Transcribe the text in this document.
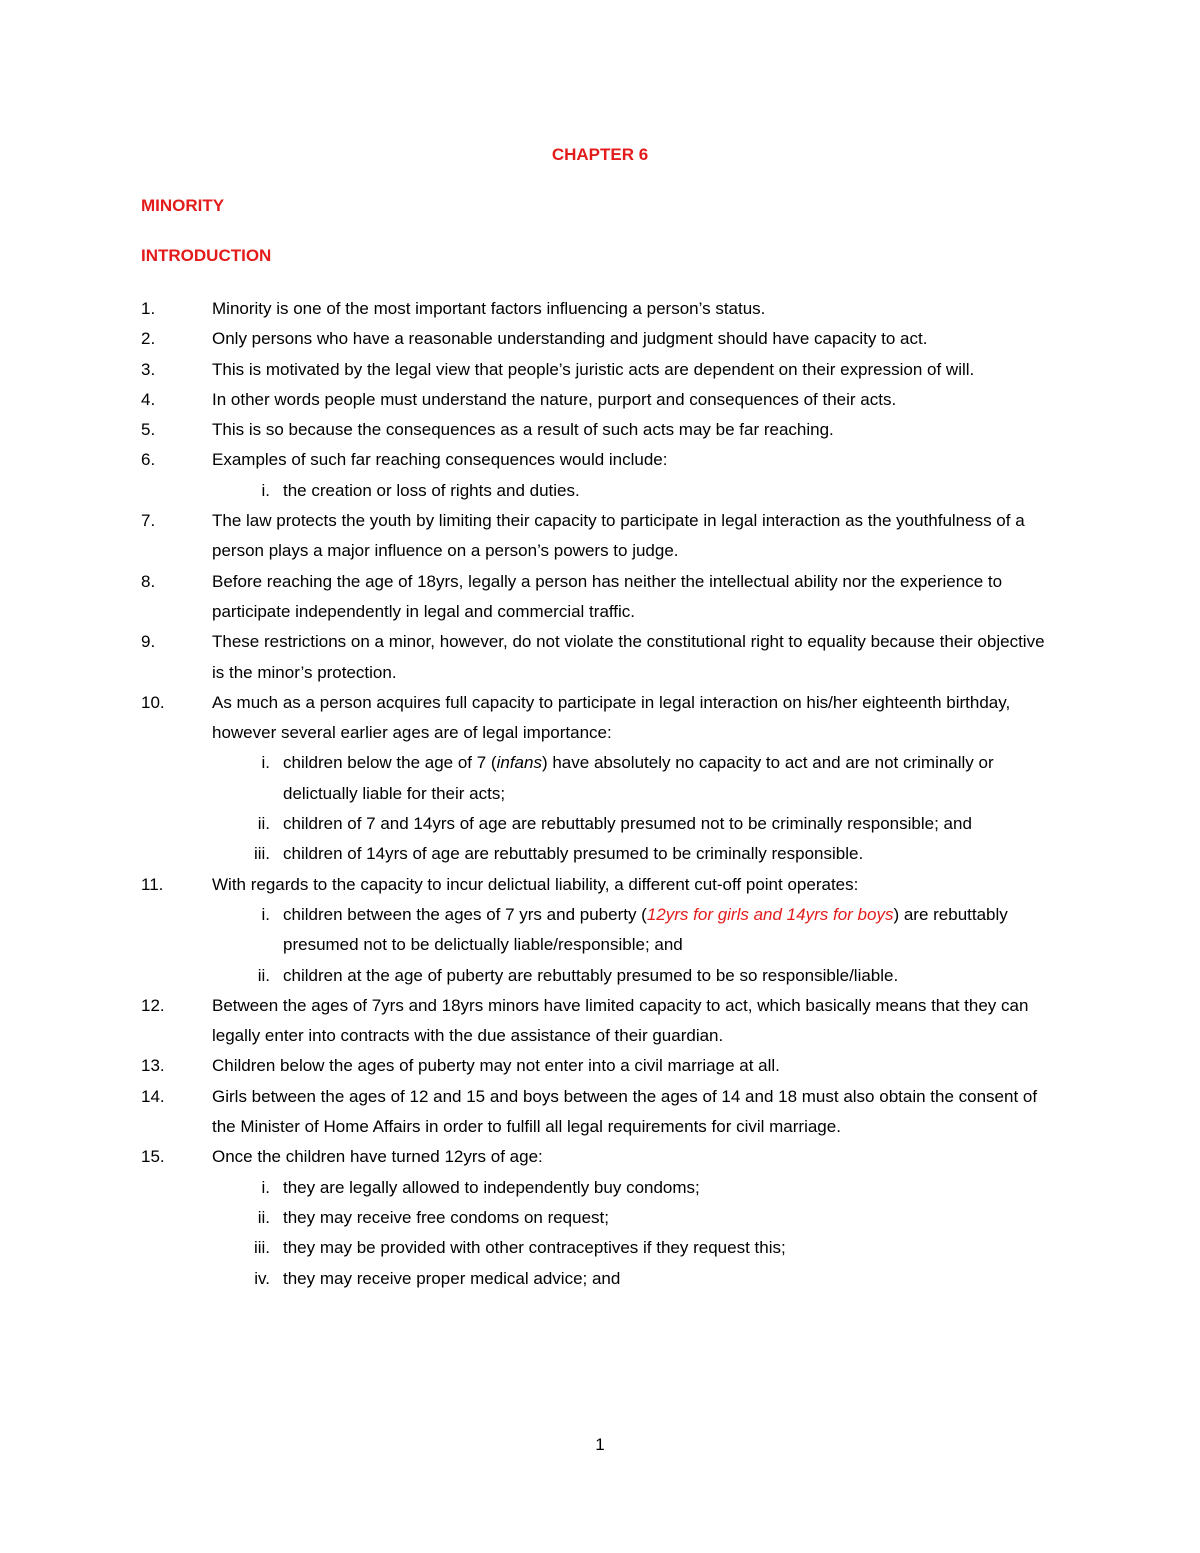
CHAPTER 6
MINORITY
INTRODUCTION
1.	Minority is one of the most important factors influencing a person’s status.
2.	Only persons who have a reasonable understanding and judgment should have capacity to act.
3.	This is motivated by the legal view that people’s juristic acts are dependent on their expression of will.
4.	In other words people must understand the nature, purport and consequences of their acts.
5.	This is so because the consequences as a result of such acts may be far reaching.
6.	Examples of such far reaching consequences would include:
i. the creation or loss of rights and duties.
7.	The law protects the youth by limiting their capacity to participate in legal interaction as the youthfulness of a person plays a major influence on a person’s powers to judge.
8.	Before reaching the age of 18yrs, legally a person has neither the intellectual ability nor the experience to participate independently in legal and commercial traffic.
9.	These restrictions on a minor, however, do not violate the constitutional right to equality because their objective is the minor’s protection.
10.	As much as a person acquires full capacity to participate in legal interaction on his/her eighteenth birthday, however several earlier ages are of legal importance:
i. children below the age of 7 (infans) have absolutely no capacity to act and are not criminally or delictually liable for their acts;
ii. children of 7 and 14yrs of age are rebuttably presumed not to be criminally responsible; and
iii. children of 14yrs of age are rebuttably presumed to be criminally responsible.
11.	With regards to the capacity to incur delictual liability, a different cut-off point operates:
i. children between the ages of 7 yrs and puberty (12yrs for girls and 14yrs for boys) are rebuttably presumed not to be delictually liable/responsible; and
ii. children at the age of puberty are rebuttably presumed to be so responsible/liable.
12.	Between the ages of 7yrs and 18yrs minors have limited capacity to act, which basically means that they can legally enter into contracts with the due assistance of their guardian.
13.	Children below the ages of puberty may not enter into a civil marriage at all.
14.	Girls between the ages of 12 and 15 and boys between the ages of 14 and 18 must also obtain the consent of the Minister of Home Affairs in order to fulfill all legal requirements for civil marriage.
15.	Once the children have turned 12yrs of age:
i. they are legally allowed to independently buy condoms;
ii. they may receive free condoms on request;
iii. they may be provided with other contraceptives if they request this;
iv. they may receive proper medical advice; and
1
